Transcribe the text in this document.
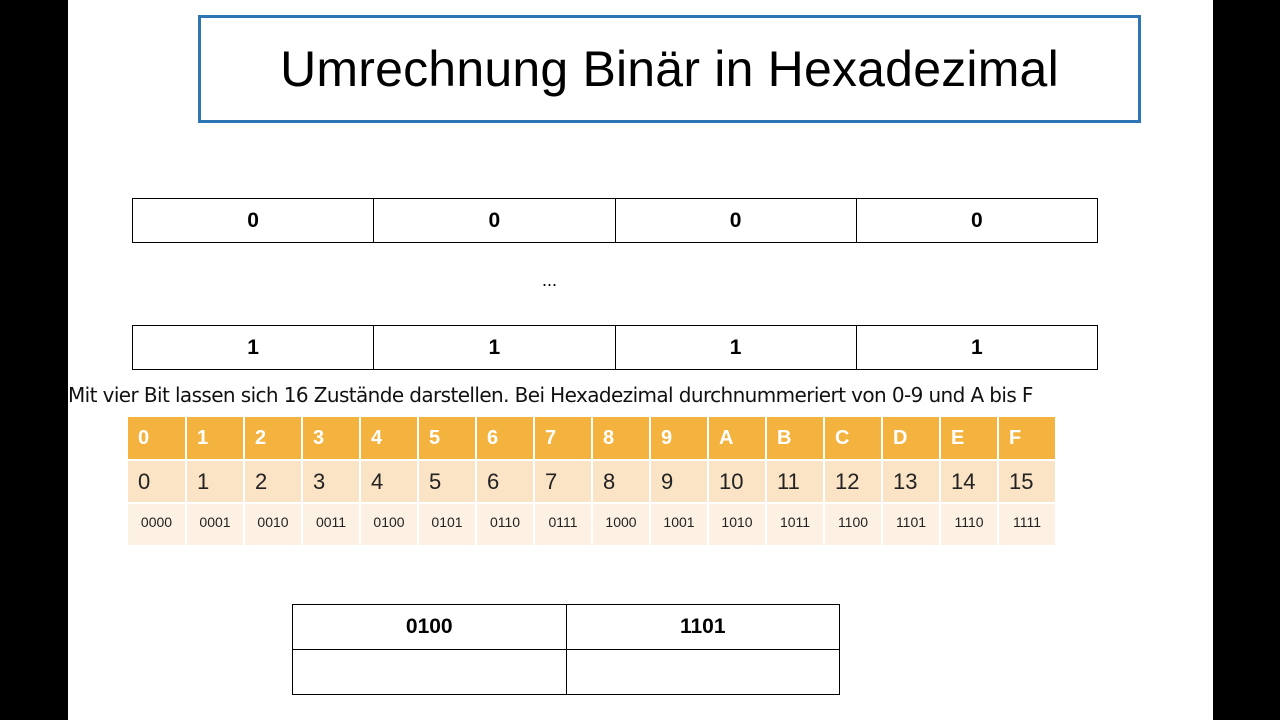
Umrechnung Binär in Hexadezimal
0	0	0	0
...
1	1	1	1
Mit vier Bit lassen sich 16 Zustände darstellen. Bei Hexadezimal durchnummeriert von 0-9 und A bis F
0	1	2	3	4	5	6	7	8	9	A	B	C	D	E	F
0	1	2	3	4	5	6	7	8	9	10	11	12	13	14	15
0000	0001	0010	0011	0100	0101	0110	0111	1000	1001	1010	1011	1100	1101	1110	1111
0100	1101
